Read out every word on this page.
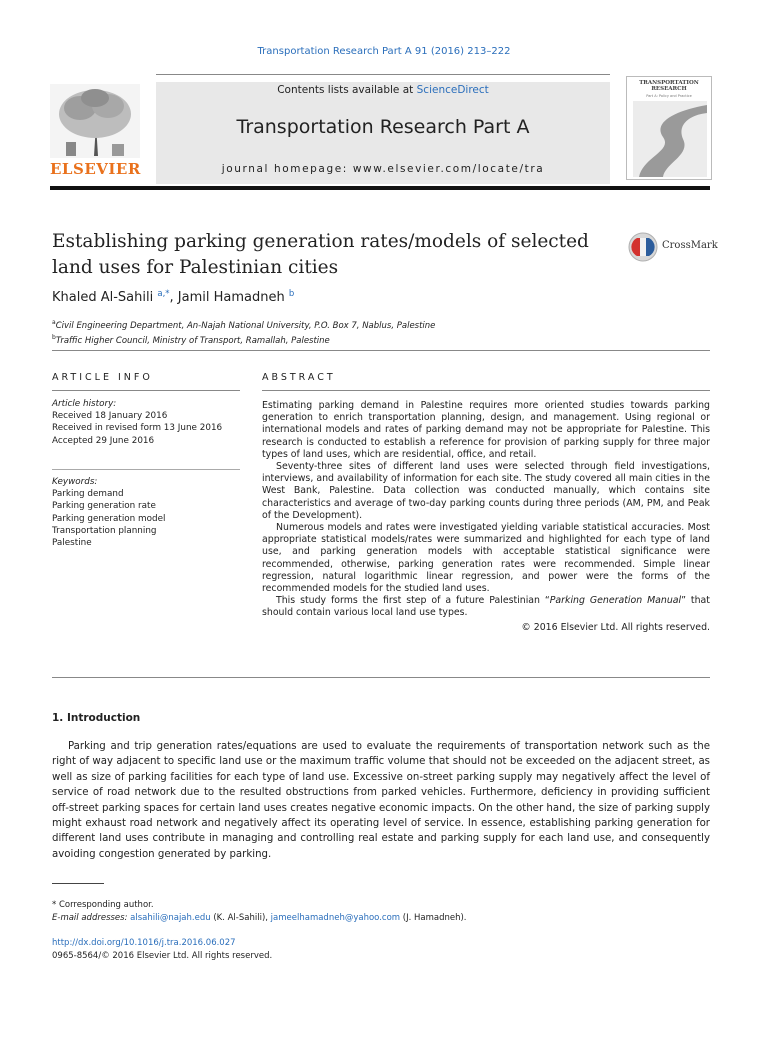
Transportation Research Part A 91 (2016) 213–222
ELSEVIER
Contents lists available at ScienceDirect
Transportation Research Part A
journal homepage: www.elsevier.com/locate/tra
TRANSPORTATION RESEARCH
Part A: Policy and Practice
Establishing parking generation rates/models of selected land uses for Palestinian cities
CrossMark
Khaled Al-Sahili $^{a,*}$, Jamil Hamadneh $^b$
$^a$Civil Engineering Department, An-Najah National University, P.O. Box 7, Nablus, Palestine
$^b$Traffic Higher Council, Ministry of Transport, Ramallah, Palestine
ARTICLE INFO
Article history:
Received 18 January 2016
Received in revised form 13 June 2016
Accepted 29 June 2016
Keywords:
Parking demand
Parking generation rate
Parking generation model
Transportation planning
Palestine
ABSTRACT

Estimating parking demand in Palestine requires more oriented studies towards parking generation to enrich transportation planning, design, and management. Using regional or international models and rates of parking demand may not be appropriate for Palestine. This research is conducted to establish a reference for provision of parking supply for three major types of land uses, which are residential, office, and retail.

Seventy-three sites of different land uses were selected through field investigations, interviews, and availability of information for each site. The study covered all main cities in the West Bank, Palestine. Data collection was conducted manually, which contains site characteristics and average of two-day parking counts during three periods (AM, PM, and Peak of the Development).

Numerous models and rates were investigated yielding variable statistical accuracies. Most appropriate statistical models/rates were summarized and highlighted for each type of land use, and parking generation models with acceptable statistical significance were recommended, otherwise, parking generation rates were recommended. Simple linear regression, natural logarithmic linear regression, and power were the forms of the recommended models for the studied land uses.

This study forms the first step of a future Palestinian “Parking Generation Manual” that should contain various local land use types.

© 2016 Elsevier Ltd. All rights reserved.

1. Introduction
Parking and trip generation rates/equations are used to evaluate the requirements of transportation network such as the right of way adjacent to specific land use or the maximum traffic volume that should not be exceeded on the adjacent street, as well as size of parking facilities for each type of land use. Excessive on-street parking supply may negatively affect the level of service of road network due to the resulted obstructions from parked vehicles. Furthermore, deficiency in providing sufficient off-street parking spaces for certain land uses creates negative economic impacts. On the other hand, the size of parking supply might exhaust road network and negatively affect its operating level of service. In essence, establishing parking generation for different land uses contribute in managing and controlling real estate and parking supply for each land use, and consequently avoiding congestion generated by parking.
* Corresponding author.
E-mail addresses: alsahili@najah.edu (K. Al-Sahili), jameelhamadneh@yahoo.com (J. Hamadneh).
http://dx.doi.org/10.1016/j.tra.2016.06.027
0965-8564/© 2016 Elsevier Ltd. All rights reserved.
